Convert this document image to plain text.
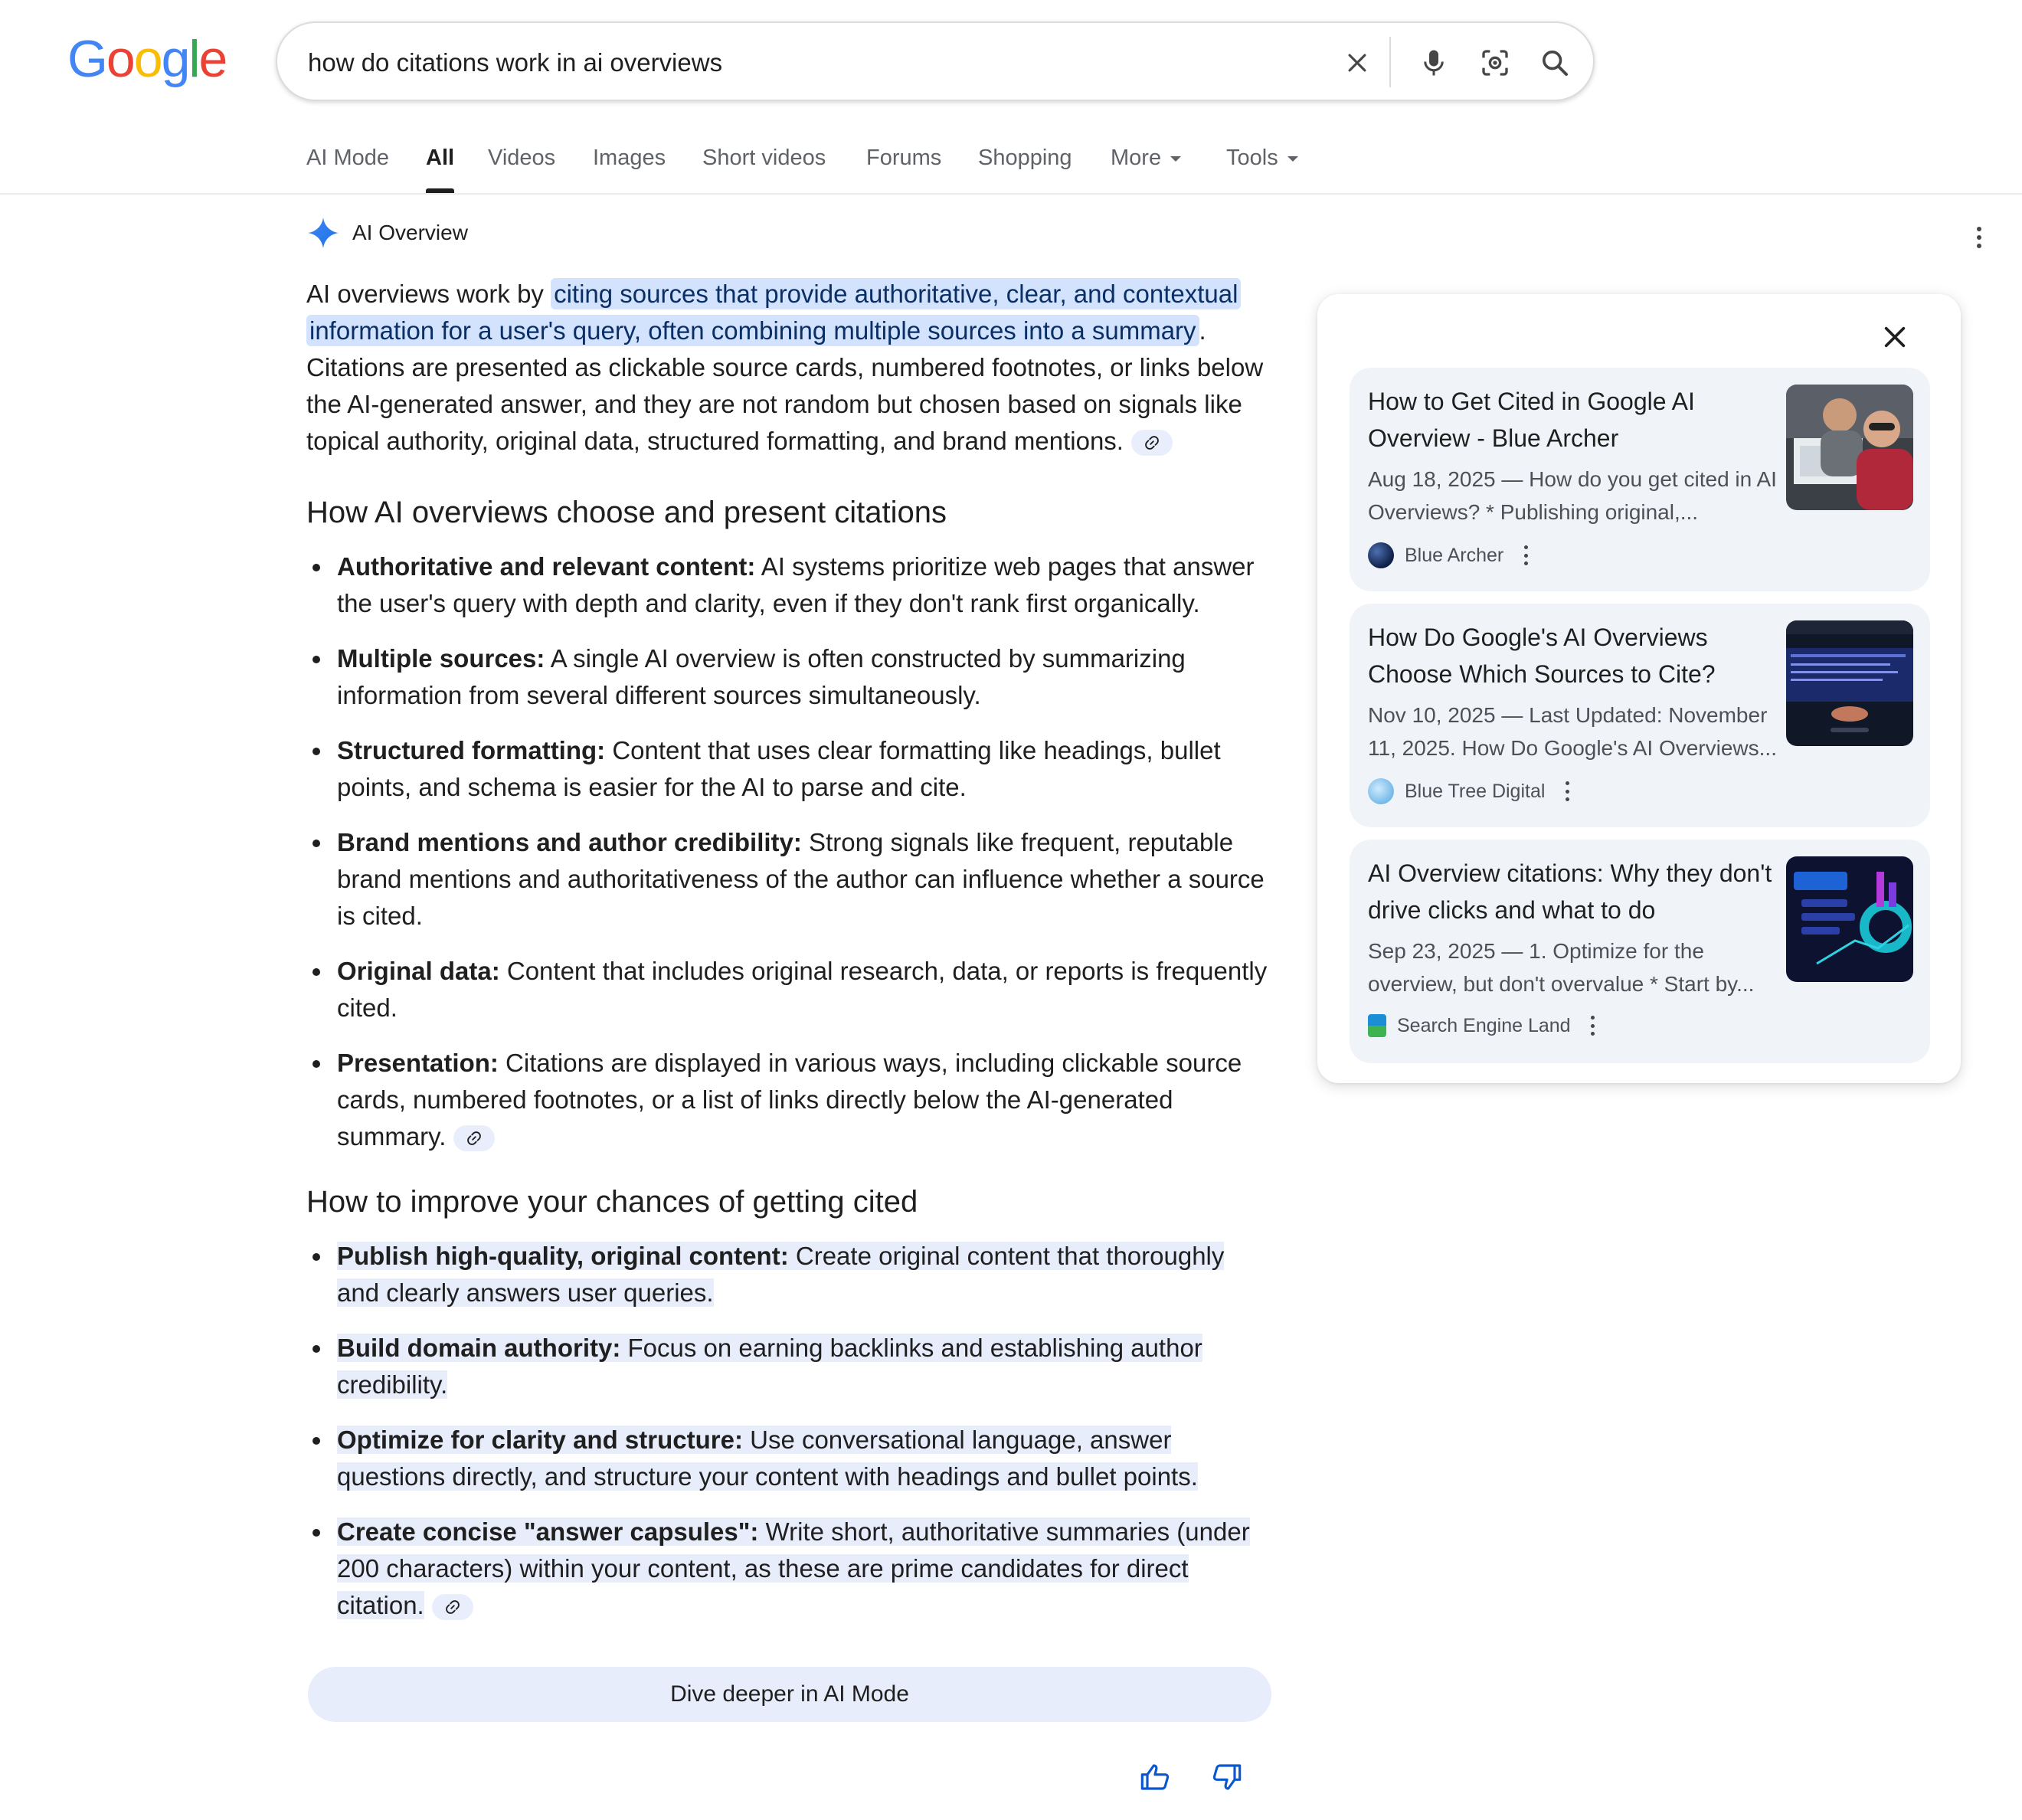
Google
how do citations work in ai overviews
AI Mode All Videos Images Short videos Forums Shopping More	Tools
AI Overview

AI overviews work by citing sources that provide authoritative, clear, and contextual information for a user's query, often combining multiple sources into a summary . Citations are presented as clickable source cards, numbered footnotes, or links below the AI-generated answer, and they are not random but chosen based on signals like topical authority, original data, structured formatting, and brand mentions.

How AI overviews choose and present citations
Authoritative and relevant content: AI systems prioritize web pages that answer the user's query with depth and clarity, even if they don't rank first organically.
Multiple sources: A single AI overview is often constructed by summarizing information from several different sources simultaneously.
Structured formatting: Content that uses clear formatting like headings, bullet points, and schema is easier for the AI to parse and cite.
Brand mentions and author credibility: Strong signals like frequent, reputable brand mentions and authoritativeness of the author can influence whether a source is cited.
Original data: Content that includes original research, data, or reports is frequently cited.
Presentation: Citations are displayed in various ways, including clickable source cards, numbered footnotes, or a list of links directly below the AI-generated summary.
How to improve your chances of getting cited
Publish high-quality, original content: Create original content that thoroughly and clearly answers user queries.
Build domain authority: Focus on earning backlinks and establishing author credibility.
Optimize for clarity and structure: Use conversational language, answer questions directly, and structure your content with headings and bullet points.
Create concise "answer capsules": Write short, authoritative summaries (under 200 characters) within your content, as these are prime candidates for direct citation.
Dive deeper in AI Mode
How to Get Cited in Google AI Overview - Blue Archer
Aug 18, 2025 — How do you get cited in AI Overviews? * Publishing original,...
Blue Archer
How Do Google's AI Overviews Choose Which Sources to Cite?
Nov 10, 2025 — Last Updated: November 11, 2025. How Do Google's AI Overviews...
Blue Tree Digital
AI Overview citations: Why they don't drive clicks and what to do
Sep 23, 2025 — 1. Optimize for the overview, but don't overvalue * Start by...
Search Engine Land
